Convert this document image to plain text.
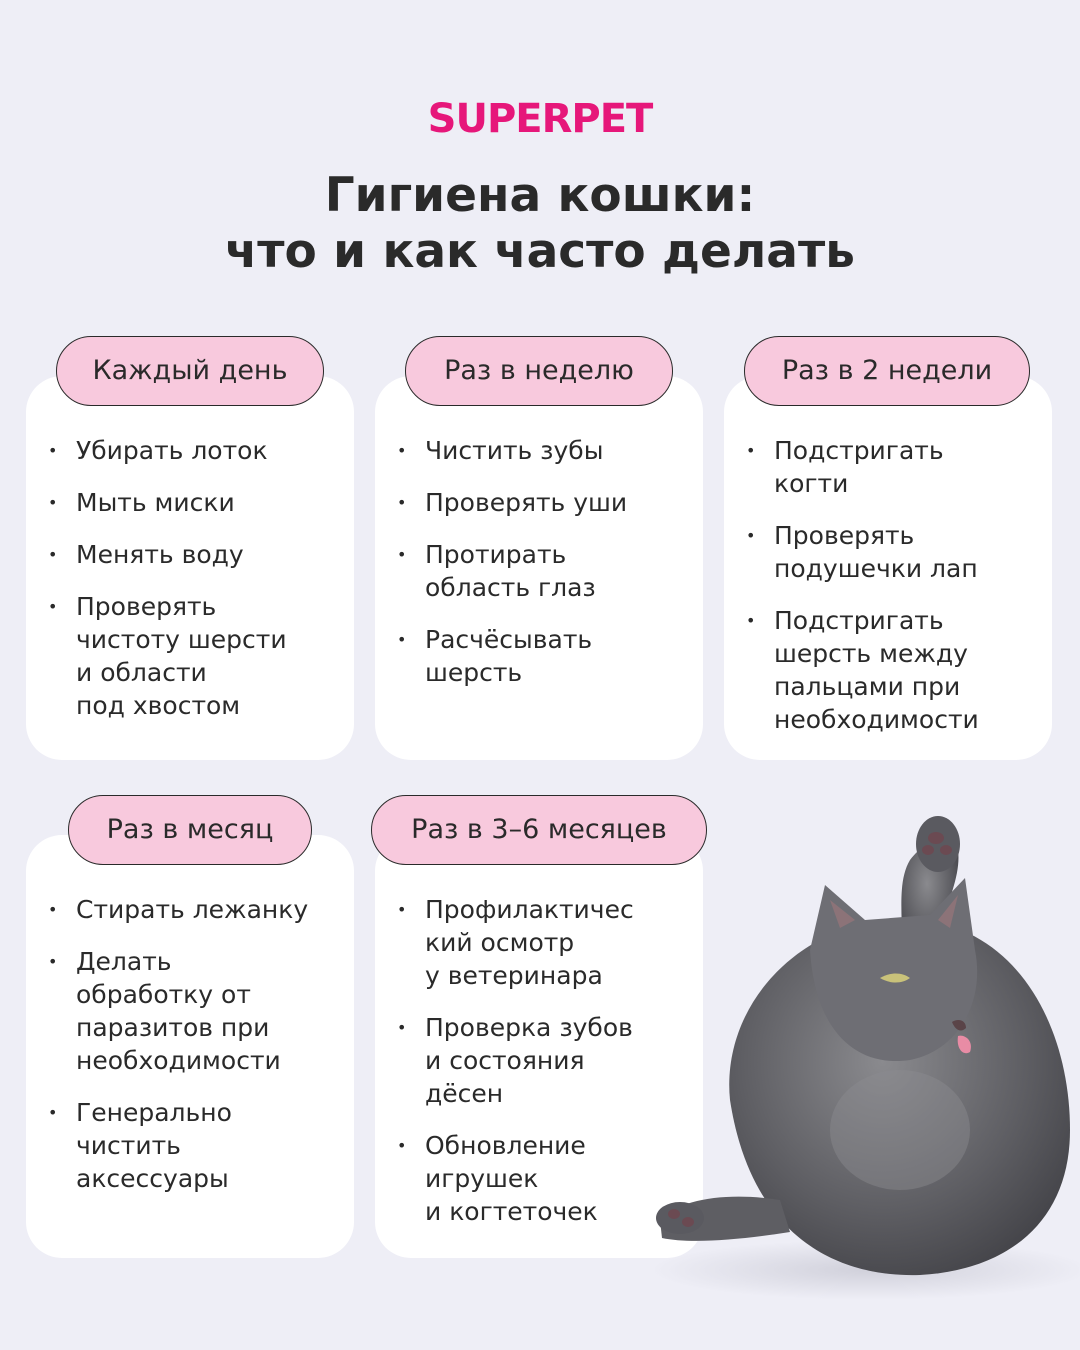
SUPERPET
Гигиена кошки:
что и как часто делать
Каждый день
• Убирать лоток
• Мыть миски
• Менять воду
• Проверять
чистоту шерсти
и области
под хвостом
Раз в неделю
• Чистить зубы
• Проверять уши
• Протирать
область глаз
• Расчёсывать
шерсть
Раз в 2 недели
• Подстригать
когти
• Проверять
подушечки лап
• Подстригать
шерсть между
пальцами при
необходимости
Раз в месяц
• Стирать лежанку
• Делать
обработку от
паразитов при
необходимости
• Генерально
чистить
аксессуары
Раз в 3–6 месяцев
• Профилактичес
кий осмотр
у ветеринара
• Проверка зубов
и состояния
дёсен
• Обновление
игрушек
и когтеточек
